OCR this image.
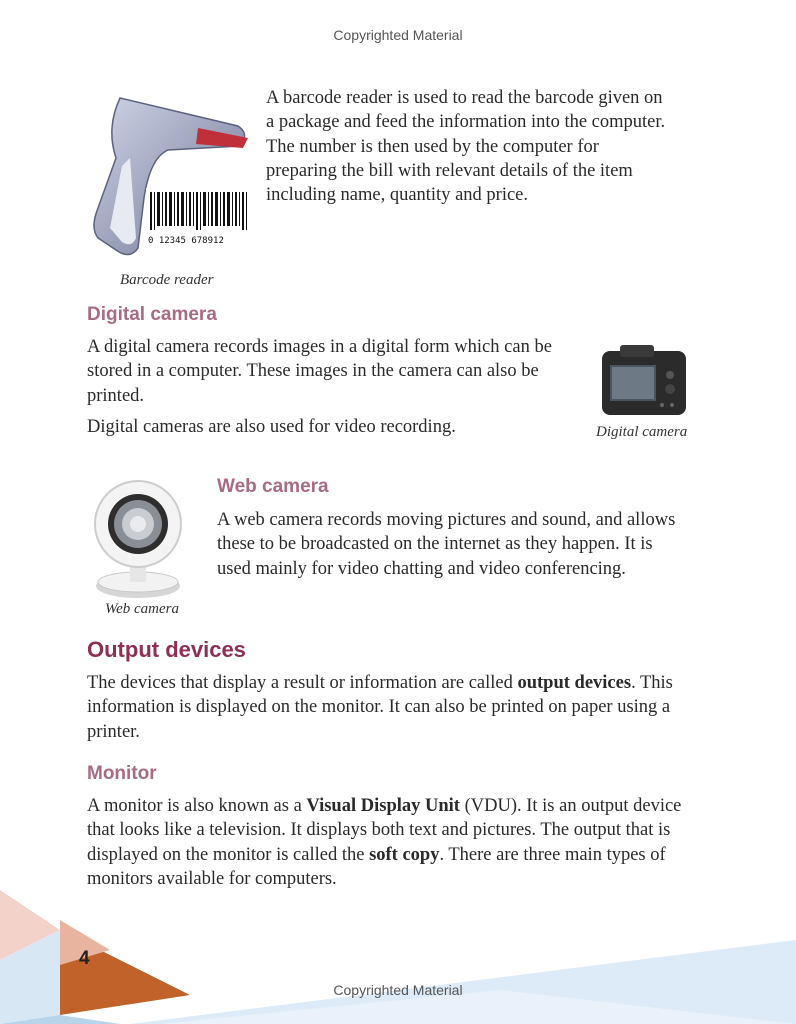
Copyrighted Material
0 12345 678912
Barcode reader

A barcode reader is used to read the barcode given on a package and feed the information into the computer. The number is then used by the computer for preparing the bill with relevant details of the item including name, quantity and price.

Digital camera

A digital camera records images in a digital form which can be stored in a computer. These images in the camera can also be printed.

Digital cameras are also used for video recording.	Digital camera
Web camera
Web camera

A web camera records moving pictures and sound, and allows these to be broadcasted on the internet as they happen. It is used mainly for video chatting and video conferencing.

Output devices

The devices that display a result or information are called output devices. This information is displayed on the monitor. It can also be printed on paper using a printer.

Monitor

A monitor is also known as a Visual Display Unit (VDU). It is an output device that looks like a television. It displays both text and pictures. The output that is displayed on the monitor is called the soft copy. There are three main types of monitors available for computers.

4
Copyrighted Material
